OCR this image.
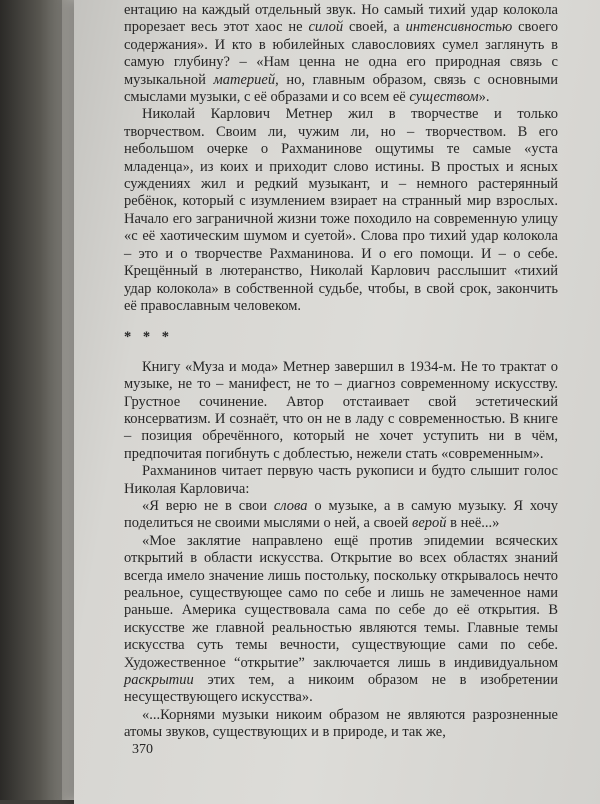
ентацию на каждый отдельный звук. Но самый тихий удар колокола прорезает весь этот хаос не силой своей, а интенсивностью своего содержания». И кто в юбилейных славословиях сумел заглянуть в самую глубину? – «Нам ценна не одна его природная связь с музыкальной материей, но, главным образом, связь с основными смыслами музыки, с её образами и со всем её существом».

Николай Карлович Метнер жил в творчестве и только творчеством. Своим ли, чужим ли, но – творчеством. В его небольшом очерке о Рахманинове ощутимы те самые «уста младенца», из коих и приходит слово истины. В простых и ясных суждениях жил и редкий музыкант, и – немного растерянный ребёнок, который с изумлением взирает на странный мир взрослых. Начало его заграничной жизни тоже походило на современную улицу «с её хаотическим шумом и суетой». Слова про тихий удар колокола – это и о творчестве Рахманинова. И о его помощи. И – о себе. Крещённый в лютеранство, Николай Карлович расслышит «тихий удар колокола» в собственной судьбе, чтобы, в свой срок, закончить её православным человеком.

* * *

Книгу «Муза и мода» Метнер завершил в 1934-м. Не то трактат о музыке, не то – манифест, не то – диагноз современному искусству. Грустное сочинение. Автор отстаивает свой эстетический консерватизм. И сознаёт, что он не в ладу с современностью. В книге – позиция обречённого, который не хочет уступить ни в чём, предпочитая погибнуть с доблестью, нежели стать «современным».

Рахманинов читает первую часть рукописи и будто слышит голос Николая Карловича:

«Я верю не в свои слова о музыке, а в самую музыку. Я хочу поделиться не своими мыслями о ней, а своей верой в неё...»

«Мое заклятие направлено ещё против эпидемии всяческих открытий в области искусства. Открытие во всех областях знаний всегда имело значение лишь постольку, поскольку открывалось нечто реальное, существующее само по себе и лишь не замеченное нами раньше. Америка существовала сама по себе до её открытия. В искусстве же главной реальностью являются темы. Главные темы искусства суть темы вечности, существующие сами по себе. Художественное “открытие” заключается лишь в индивидуальном раскрытии этих тем, а никоим образом не в изобретении несуществующего искусства».

«...Корнями музыки никоим образом не являются разрозненные атомы звуков, существующих и в природе, и так же,

370
